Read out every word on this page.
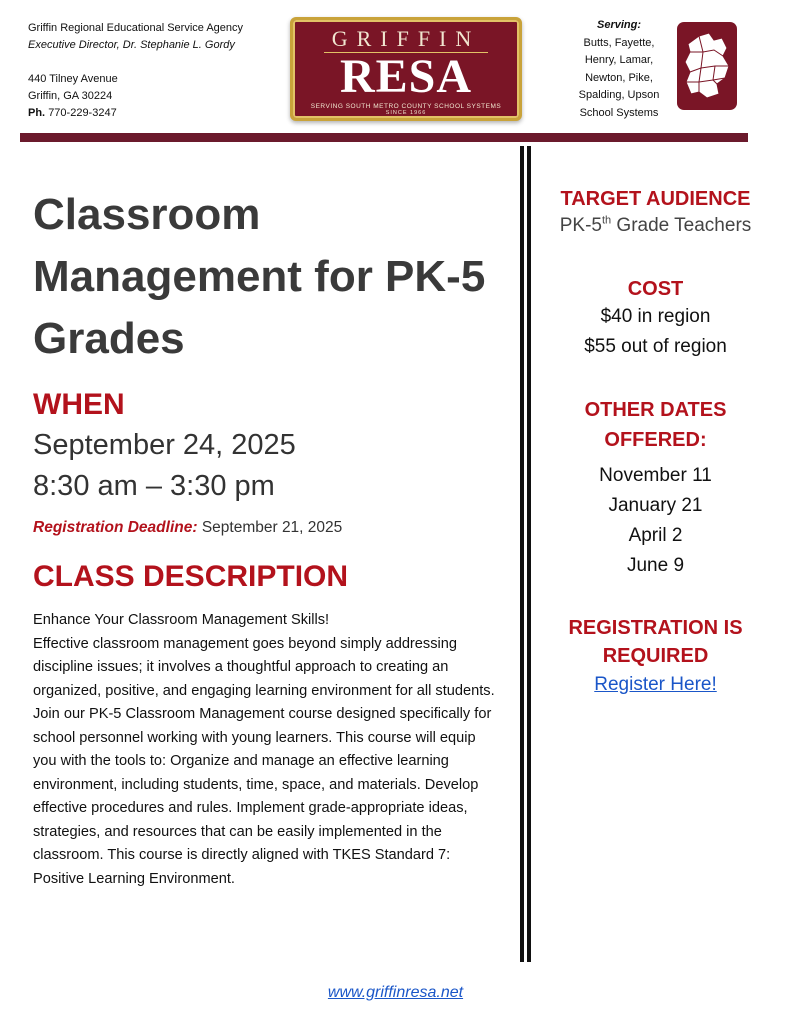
Griffin Regional Educational Service Agency
Executive Director, Dr. Stephanie L. Gordy
440 Tilney Avenue
Griffin, GA 30224
Ph. 770-229-3247
GRIFFIN
RESA
SERVING SOUTH METRO COUNTY SCHOOL SYSTEMS
SINCE 1966
Serving:
Butts, Fayette,
Henry, Lamar,
Newton, Pike,
Spalding, Upson
School Systems
Classroom Management for PK-5 Grades
WHEN
September 24, 2025
8:30 am – 3:30 pm
Registration Deadline: September 21, 2025
CLASS DESCRIPTION
Enhance Your Classroom Management Skills!
Effective classroom management goes beyond simply addressing discipline issues; it involves a thoughtful approach to creating an organized, positive, and engaging learning environment for all students. Join our PK-5 Classroom Management course designed specifically for school personnel working with young learners. This course will equip you with the tools to: Organize and manage an effective learning environment, including students, time, space, and materials. Develop effective procedures and rules. Implement grade-appropriate ideas, strategies, and resources that can be easily implemented in the classroom. This course is directly aligned with TKES Standard 7: Positive Learning Environment.
TARGET AUDIENCE
PK-5th Grade Teachers
COST
$40 in region
$55 out of region
OTHER DATES
OFFERED:
November 11
January 21
April 2
June 9
REGISTRATION IS
REQUIRED
Register Here!
www.griffinresa.net
